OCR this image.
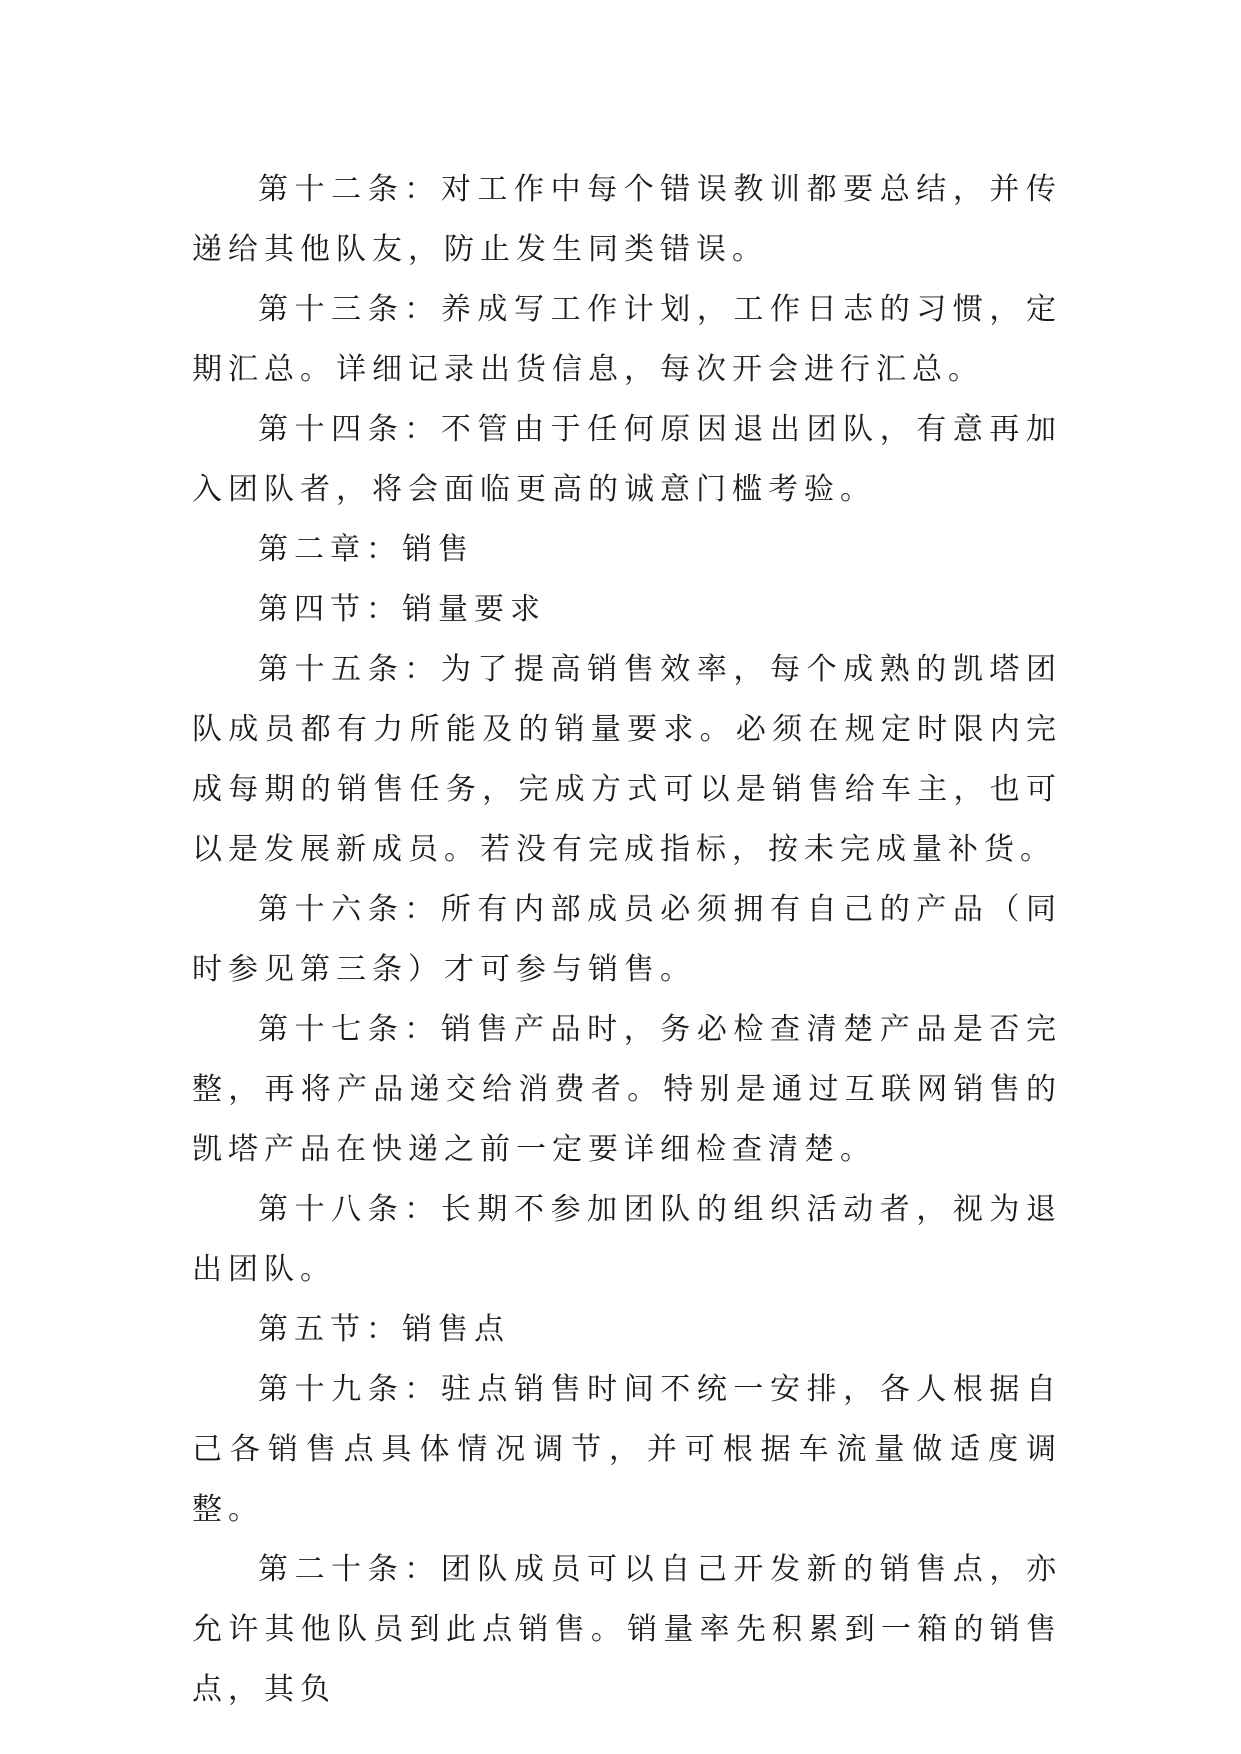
第十二条：对工作中每个错误教训都要总结，并传递给其他队友，防止发生同类错误。

第十三条：养成写工作计划，工作日志的习惯，定期汇总。详细记录出货信息，每次开会进行汇总。

第十四条：不管由于任何原因退出团队，有意再加入团队者，将会面临更高的诚意门槛考验。

第二章：销售

第四节：销量要求

第十五条：为了提高销售效率，每个成熟的凯塔团队成员都有力所能及的销量要求。必须在规定时限内完成每期的销售任务，完成方式可以是销售给车主，也可以是发展新成员。若没有完成指标，按未完成量补货。

第十六条：所有内部成员必须拥有自己的产品（同时参见第三条）才可参与销售。

第十七条：销售产品时，务必检查清楚产品是否完整，再将产品递交给消费者。特别是通过互联网销售的凯塔产品在快递之前一定要详细检查清楚。

第十八条：长期不参加团队的组织活动者，视为退出团队。

第五节：销售点

第十九条：驻点销售时间不统一安排，各人根据自己各销售点具体情况调节，并可根据车流量做适度调整。

第二十条：团队成员可以自己开发新的销售点，亦允许其他队员到此点销售。销量率先积累到一箱的销售点，其负
